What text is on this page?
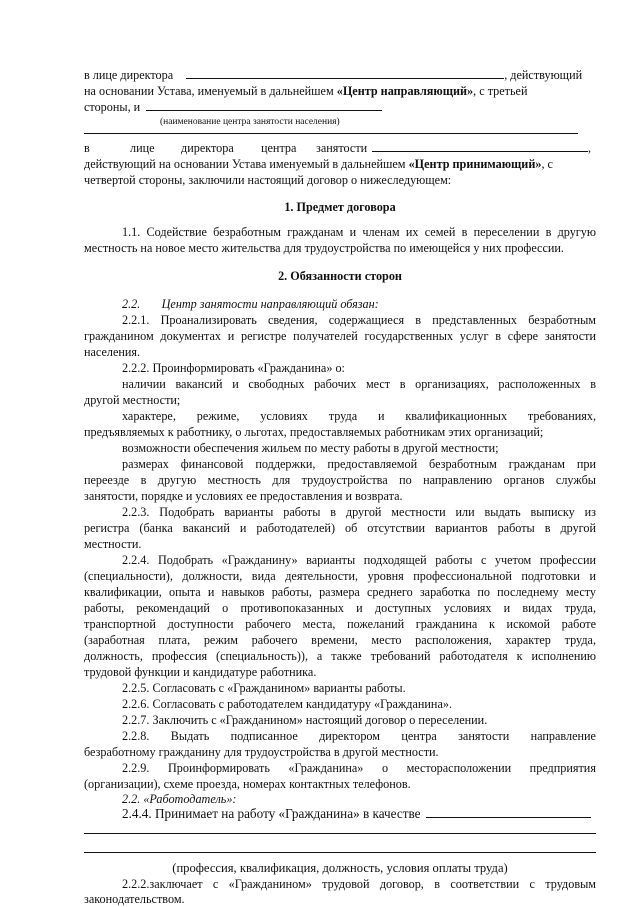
в лице директора	, действующий
на основании Устава, именуемый в дальнейшем «Центр направляющий», с третьей
стороны, и
(наименование центра занятости населения)
в	лице директора центра занятости	,
действующий на основании Устава именуемый в дальнейшем «Центр принимающий», с
четвертой стороны, заключили настоящий договор о нижеследующем:
1. Предмет договора
1.1. Содействие безработным гражданам и членам их семей в переселении в другую
местность на новое место жительства для трудоустройства по имеющейся у них профессии.
2. Обязанности сторон
2.2.       Центр занятости направляющий обязан:
2.2.1. Проанализировать сведения, содержащиеся в представленных безработным
гражданином документах и регистре получателей государственных услуг в сфере занятости
населения.
2.2.2. Проинформировать «Гражданина» о:
наличии вакансий и свободных рабочих мест в организациях, расположенных в
другой местности;
характере, режиме, условиях труда и квалификационных требованиях,
предъявляемых к работнику, о льготах, предоставляемых работникам этих организаций;
возможности обеспечения жильем по месту работы в другой местности;
размерах финансовой поддержки, предоставляемой безработным гражданам при
переезде в другую местность для трудоустройства по направлению органов службы
занятости, порядке и условиях ее предоставления и возврата.
2.2.3. Подобрать варианты работы в другой местности или выдать выписку из
регистра (банка вакансий и работодателей) об отсутствии вариантов работы в другой
местности.
2.2.4. Подобрать «Гражданину» варианты подходящей работы с учетом профессии
(специальности), должности, вида деятельности, уровня профессиональной подготовки и
квалификации, опыта и навыков работы, размера среднего заработка по последнему месту
работы, рекомендаций о противопоказанных и доступных условиях и видах труда,
транспортной доступности рабочего места, пожеланий гражданина к искомой работе
(заработная плата, режим рабочего времени, место расположения, характер труда,
должность, профессия (специальность)), а также требований работодателя к исполнению
трудовой функции и кандидатуре работника.
2.2.5. Согласовать с «Гражданином» варианты работы.
2.2.6. Согласовать с работодателем кандидатуру «Гражданина».
2.2.7. Заключить с «Гражданином» настоящий договор о переселении.
2.2.8. Выдать подписанное директором центра занятости направление
безработному гражданину для трудоустройства в другой местности.
2.2.9. Проинформировать «Гражданина» о месторасположении предприятия
(организации), схеме проезда, номерах контактных телефонов.
2.2. «Работодатель»:
2.4.4. Принимает на работу «Гражданина» в качестве
(профессия, квалификация, должность, условия оплаты труда)
2.2.2.заключает с «Гражданином» трудовой договор, в соответствии с трудовым
законодательством.
